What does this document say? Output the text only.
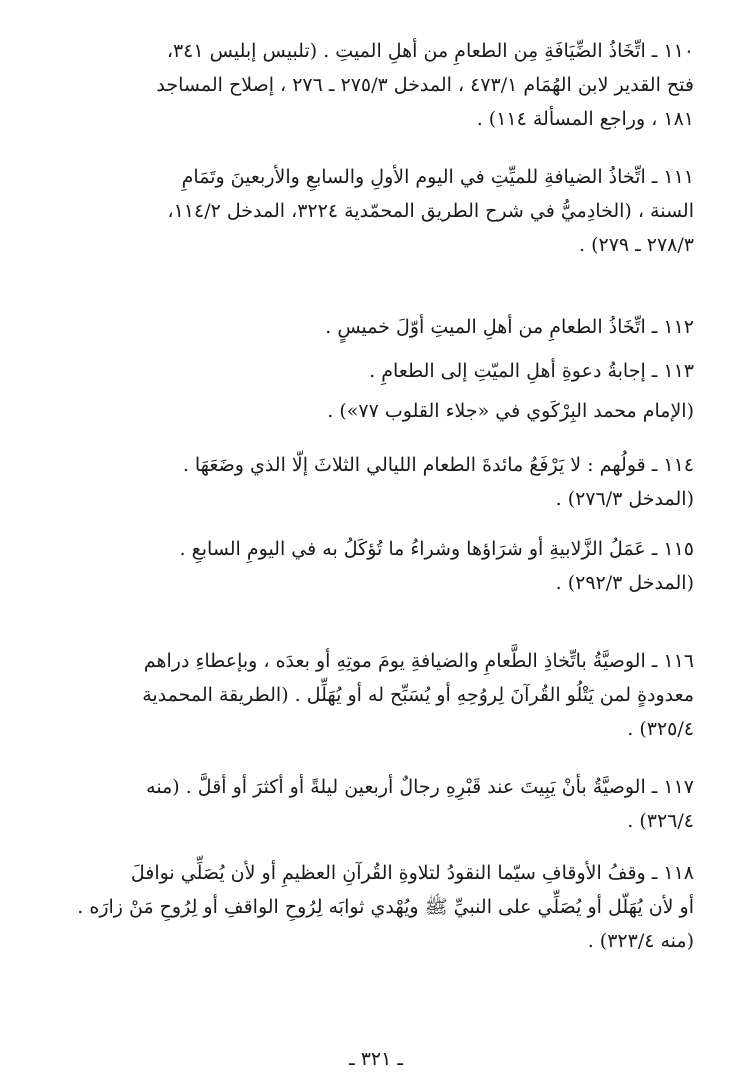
١١٠ ـ اتِّخَاذُ الضِّيَافَةِ مِن الطعامِ من أهلِ الميتِ . (تلبيس إبليس ٣٤١،
فتح القدير لابن الهُمَام ٤٧٣/١ ، المدخل ٢٧٥/٣ ـ ٢٧٦ ، إصلاح المساجد
١٨١ ، وراجع المسألة ١١٤) .
١١١ ـ اتِّخاذُ الضيافةِ للميِّتِ في اليوم الأولِ والسابعِ والأربعينَ وتَمَامِ
السنة ، (الخادِميُّ في شرح الطريق المحمّدية ٣٢٢٤، المدخل ١١٤/٢،
٢٧٨/٣ ـ ٢٧٩) .
١١٢ ـ اتِّخَاذُ الطعامِ من أهلِ الميتِ أوّلَ خميسٍ .
١١٣ ـ إجابةُ دعوةِ أهلِ الميّتِ إلى الطعامِ .
(الإمام محمد البِرْكَوي في «جلاء القلوب ٧٧») .
١١٤ ـ قولُهم : لا يَرْفَعُ مائدةَ الطعام الليالي الثلاثَ إلّا الذي وضَعَهَا .
(المدخل ٢٧٦/٣) .
١١٥ ـ عَمَلُ الزَّلابيةِ أو شرَاؤها وشراءُ ما تُؤكَلُ به في اليومِ السابعِ .
(المدخل ٢٩٢/٣) .
١١٦ ـ الوصيَّةُ باتِّخاذِ الطَّعامِ والضيافةِ يومَ موتِهِ أو بعدَه ، وبإعطاءِ دراهم
معدودةٍ لمن يَتْلُو القُرآنَ لِروُحِهِ أو يُسَبِّح له أو يُهَلِّل . (الطريقة المحمدية
٣٢٥/٤) .
١١٧ ـ الوصيَّةُ بأنْ يَبِيتَ عند قَبْرِهِ رجالٌ أربعين ليلةً أو أكثرَ أو أقلَّ . (منه
٣٢٦/٤) .
١١٨ ـ وقفُ الأوقافِ سيّما النقودُ لتلاوةِ القُرآنِ العظيمِ أو لأن يُصَلِّي نوافلَ
أو لأن يُهَلّل أو يُصَلِّي على النبيِّ ﷺ ويُهْدي ثوابَه لِرُوحِ الواقفِ أو لِرُوحِ مَنْ زارَه .
(منه ٣٢٣/٤) .
ـ ٣٢١ ـ
